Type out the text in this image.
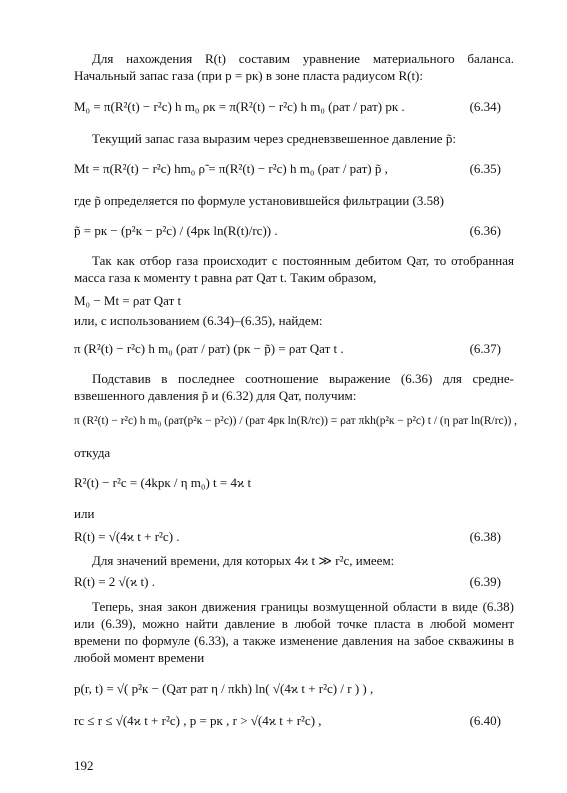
Для нахождения R(t) составим уравнение материального баланса. Начальный запас газа (при p = pк) в зоне пласта радиусом R(t):
M₀ = π(R²(t) − r²с) h m₀ ρк = π(R²(t) − r²с) h m₀ (ρат / pат) pк .	(6.34)
Текущий запас газа выразим через средневзвешенное давление p̃:
Mt = π(R²(t) − r²с) hm₀ ρ̃ = π(R²(t) − r²с) h m₀ (ρат / pат) p̃ ,	(6.35)
где p̃ определяется по формуле установившейся фильтрации (3.58)
p̃ = pк − (p²к − p²с) / (4pк ln(R(t)/rс)) .	(6.36)
Так как отбор газа происходит с постоянным дебитом Qат, то отобранная масса газа к моменту t равна ρат Qат t. Таким образом,
M₀ − Mt = ρат Qат t
или, с использованием (6.34)–(6.35), найдем:
π (R²(t) − r²с) h m₀ (ρат / pат) (pк − p̃) = ρат Qат t .	(6.37)
Подставив в последнее соотношение выражение (6.36) для средневзвешенного давления p̃ и (6.32) для Qат, получим:
π (R²(t) − r²с) h m₀ (ρат(p²к − p²с)) / (pат 4pк ln(R/rс)) = ρат πkh(p²к − p²с) t / (η pат ln(R/rс)) ,
откуда
R²(t) − r²с = (4kpк / η m₀) t = 4ϰ t
или
R(t) = √(4ϰ t + r²с) .	(6.38)
Для значений времени, для которых 4ϰ t ≫ r²с, имеем:
R(t) = 2 √(ϰ t) .	(6.39)
Теперь, зная закон движения границы возмущенной области в виде (6.38) или (6.39), можно найти давление в любой точке пласта в любой момент времени по формуле (6.33), а также изменение давления на забое скважины в любой момент времени
p(r, t) = √( p²к − (Qат pат η / πkh) ln( √(4ϰ t + r²с) / r ) ) ,
rс ≤ r ≤ √(4ϰ t + r²с) , p = pк , r > √(4ϰ t + r²с) ,	(6.40)
192
